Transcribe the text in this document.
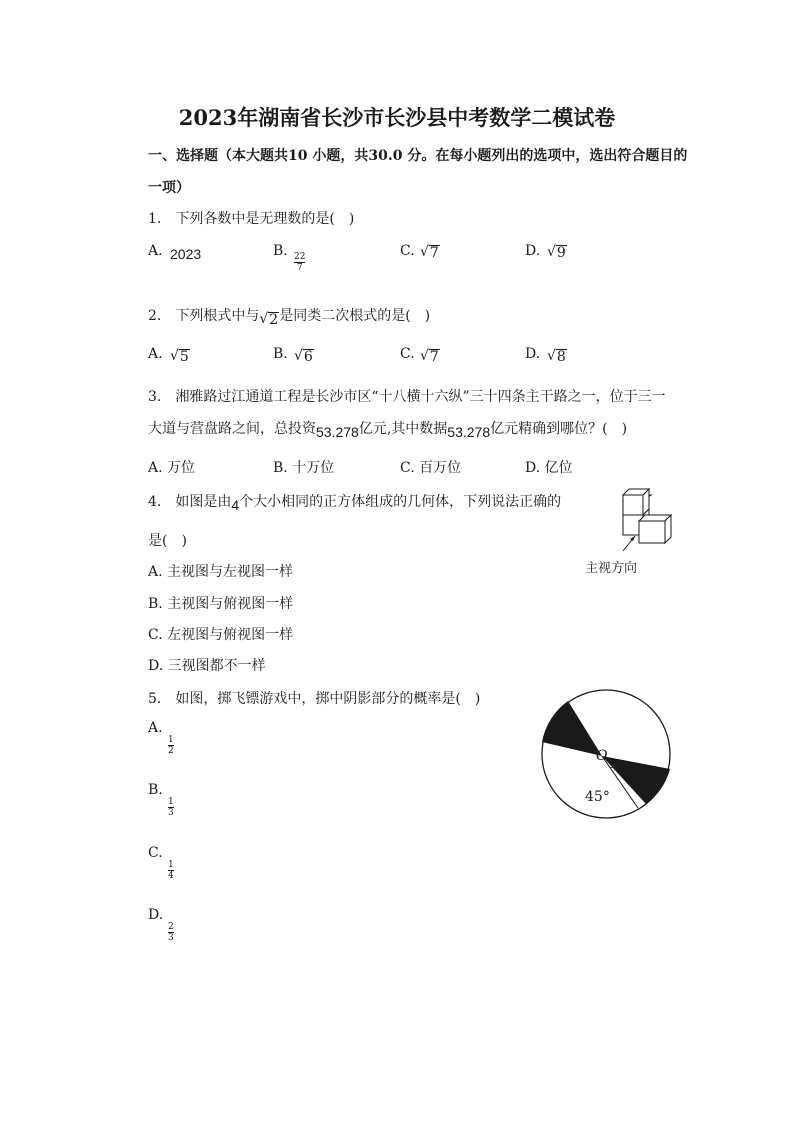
2023年湖南省长沙市长沙县中考数学二模试卷
一、选择题（本大题共10 小题，共30.0 分。在每小题列出的选项中，选出符合题目的
一项）
1.　下列各数中是无理数的是(　)
A. 2023	B.
$\frac{22}{7}$
C. √ 7	D. √ 9
2.　下列根式中与 √ 2 是同类二次根式的是(　)
A. √ 5	B. √ 6	C. √ 7	D. √ 8
3.　湘雅路过江通道工程是长沙市区“十八横十六纵”三十四条主干路之一，位于三一
大道与营盘路之间，总投资53.278亿元,其中数据53.278亿元精确到哪位？(　)
A. 万位	B. 十万位	C. 百万位	D. 亿位
4.　如图是由4个大小相同的正方体组成的几何体，下列说法正确的
是(　)
A. 主视图与左视图一样
B. 主视图与俯视图一样
C. 左视图与俯视图一样
D. 三视图都不一样
主视方向
5.　如图，掷飞镖游戏中，掷中阴影部分的概率是(　)
A.
$\frac{1}{2}$
B.
$\frac{1}{3}$
C.
$\frac{1}{4}$
D.
$\frac{2}{3}$
O
45°
